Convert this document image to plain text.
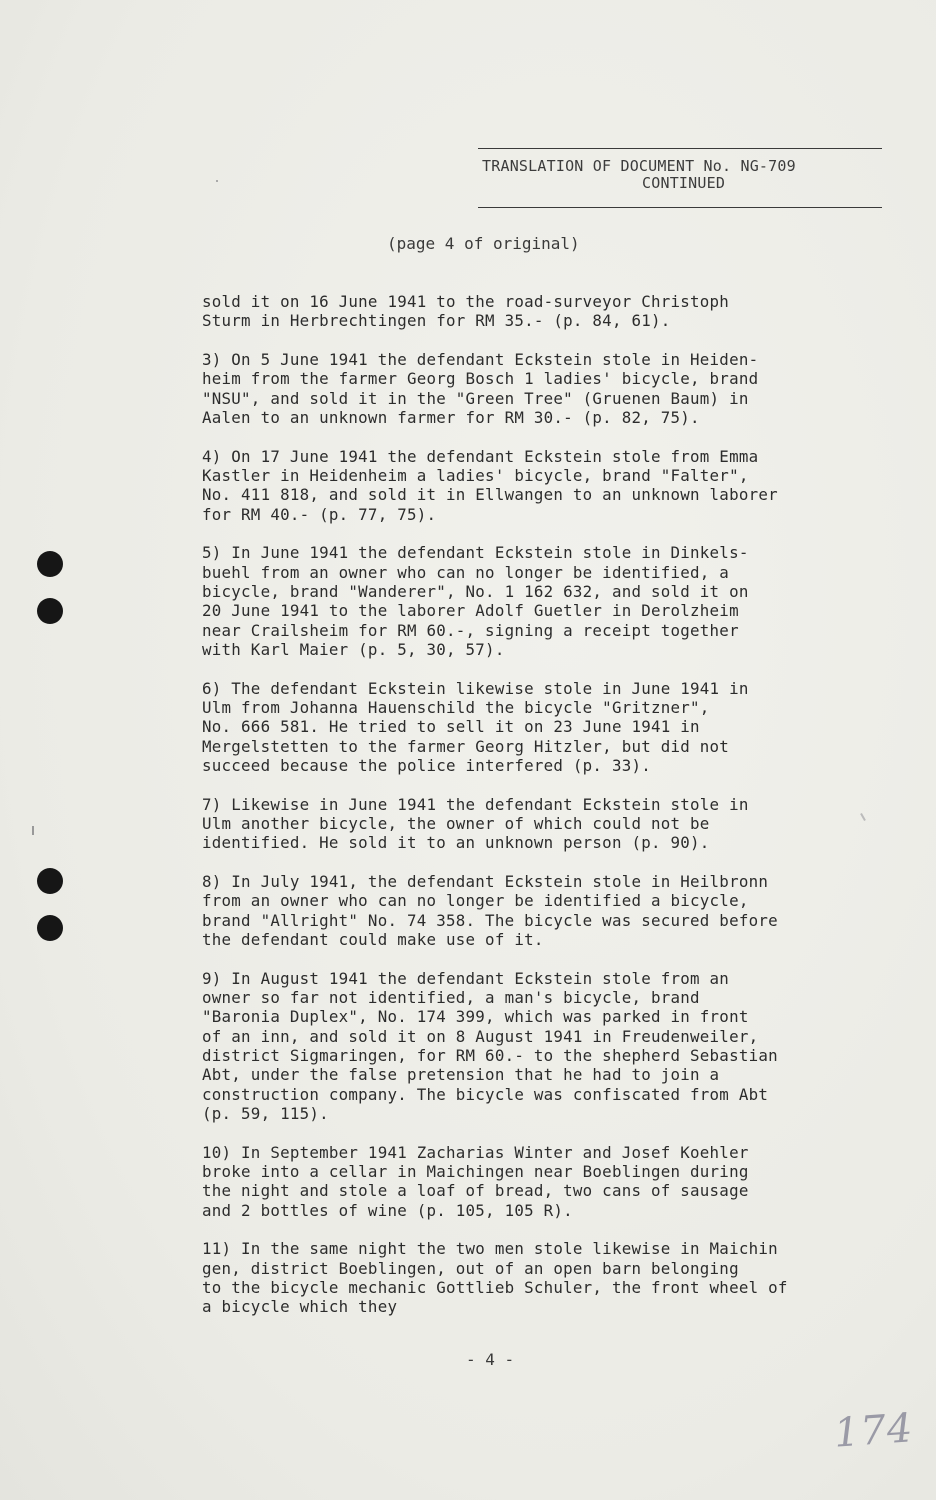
TRANSLATION OF DOCUMENT No. NG-709
CONTINUED
(page 4 of original)

sold it on 16 June 1941 to the road-surveyor Christoph
Sturm in Herbrechtingen for RM 35.- (p. 84, 61).

3) On 5 June 1941 the defendant Eckstein stole in Heiden-
heim from the farmer Georg Bosch 1 ladies' bicycle, brand
"NSU", and sold it in the "Green Tree" (Gruenen Baum) in
Aalen to an unknown farmer for RM 30.- (p. 82, 75).

4) On 17 June 1941 the defendant Eckstein stole from Emma
Kastler in Heidenheim a ladies' bicycle, brand "Falter",
No. 411 818, and sold it in Ellwangen to an unknown laborer
for RM 40.- (p. 77, 75).

5) In June 1941 the defendant Eckstein stole in Dinkels-
buehl from an owner who can no longer be identified, a
bicycle, brand "Wanderer", No. 1 162 632, and sold it on
20 June 1941 to the laborer Adolf Guetler in Derolzheim
near Crailsheim for RM 60.-, signing a receipt together
with Karl Maier (p. 5, 30, 57).

6) The defendant Eckstein likewise stole in June 1941 in
Ulm from Johanna Hauenschild the bicycle "Gritzner",
No. 666 581. He tried to sell it on 23 June 1941 in
Mergelstetten to the farmer Georg Hitzler, but did not
succeed because the police interfered (p. 33).

7) Likewise in June 1941 the defendant Eckstein stole in
Ulm another bicycle, the owner of which could not be
identified. He sold it to an unknown person (p. 90).

8) In July 1941, the defendant Eckstein stole in Heilbronn
from an owner who can no longer be identified a bicycle,
brand "Allright" No. 74 358. The bicycle was secured before
the defendant could make use of it.

9) In August 1941 the defendant Eckstein stole from an
owner so far not identified, a man's bicycle, brand
"Baronia Duplex", No. 174 399, which was parked in front
of an inn, and sold it on 8 August 1941 in Freudenweiler,
district Sigmaringen, for RM 60.- to the shepherd Sebastian
Abt, under the false pretension that he had to join a
construction company. The bicycle was confiscated from Abt
(p. 59, 115).

10) In September 1941 Zacharias Winter and Josef Koehler
broke into a cellar in Maichingen near Boeblingen during
the night and stole a loaf of bread, two cans of sausage
and 2 bottles of wine (p. 105, 105 R).

11) In the same night the two men stole likewise in Maichin
gen, district Boeblingen, out of an open barn belonging
to the bicycle mechanic Gottlieb Schuler, the front wheel of
a bicycle which they

- 4 -
174
